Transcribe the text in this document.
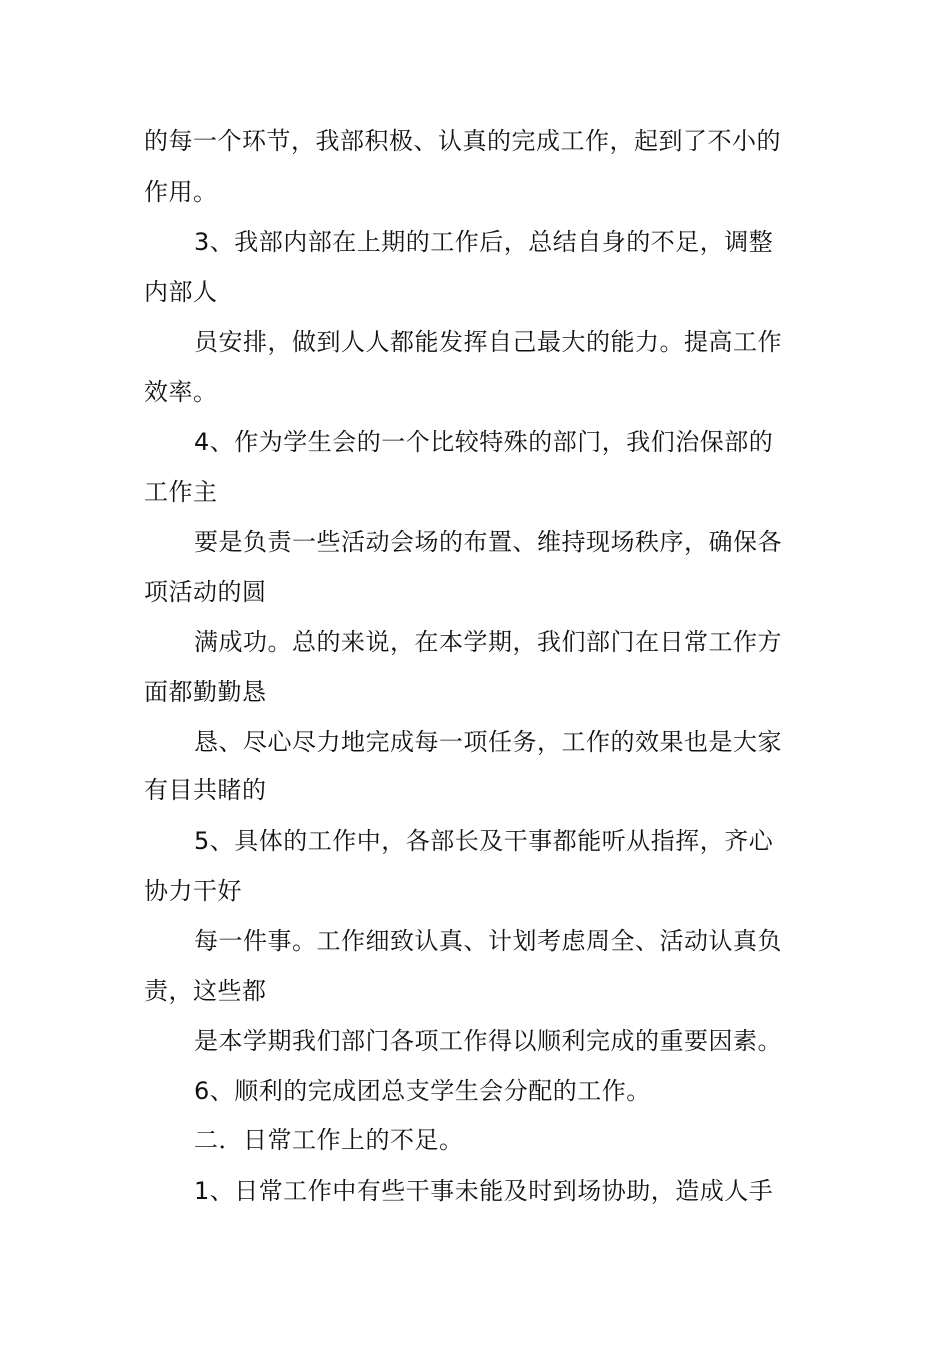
的每一个环节，我部积极、认真的完成工作，起到了不小的
作用。
3、我部内部在上期的工作后，总结自身的不足，调整
内部人
员安排，做到人人都能发挥自己最大的能力。提高工作
效率。
4、作为学生会的一个比较特殊的部门，我们治保部的
工作主
要是负责一些活动会场的布置、维持现场秩序，确保各
项活动的圆
满成功。总的来说，在本学期，我们部门在日常工作方
面都勤勤恳
恳、尽心尽力地完成每一项任务，工作的效果也是大家
有目共睹的
5、具体的工作中，各部长及干事都能听从指挥，齐心
协力干好
每一件事。工作细致认真、计划考虑周全、活动认真负
责，这些都
是本学期我们部门各项工作得以顺利完成的重要因素。
6、顺利的完成团总支学生会分配的工作。
二．日常工作上的不足。
1、日常工作中有些干事未能及时到场协助，造成人手
